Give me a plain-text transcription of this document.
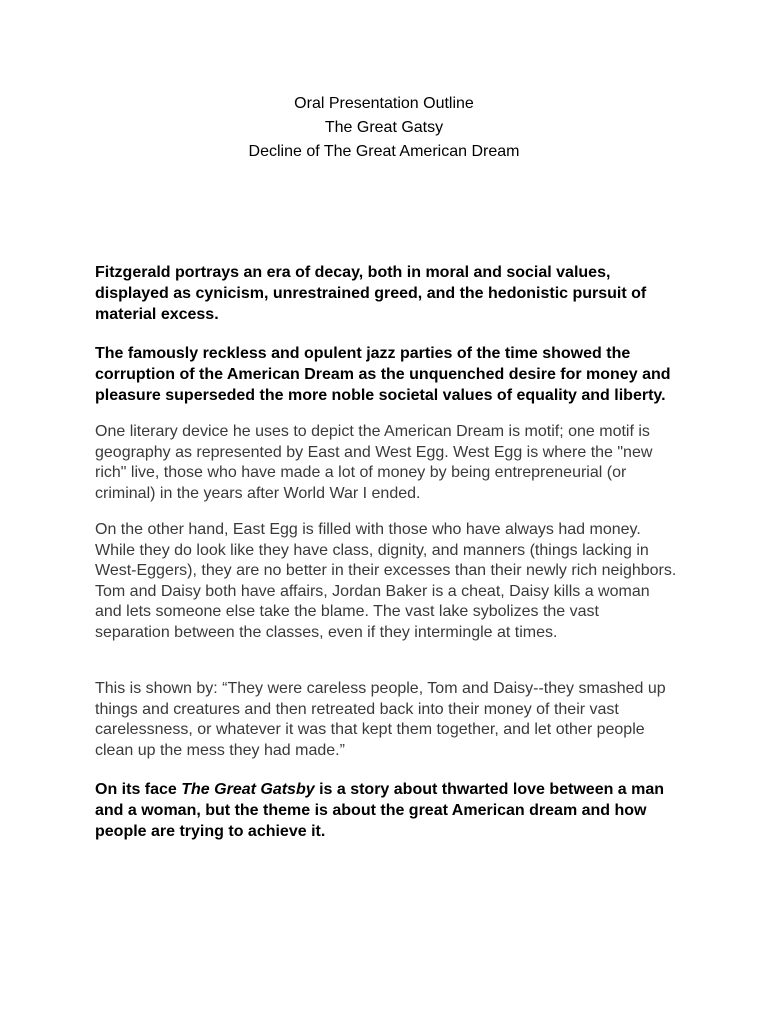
Oral Presentation Outline
The Great Gatsy
Decline of The Great American Dream

Fitzgerald portrays an era of decay, both in moral and social values, displayed as cynicism, unrestrained greed, and the hedonistic pursuit of material excess.

The famously reckless and opulent jazz parties of the time showed the corruption of the American Dream as the unquenched desire for money and pleasure superseded the more noble societal values of equality and liberty.

One literary device he uses to depict the American Dream is motif; one motif is geography as represented by East and West Egg. West Egg is where the "new rich" live, those who have made a lot of money by being entrepreneurial (or criminal) in the years after World War I ended.

On the other hand, East Egg is filled with those who have always had money. While they do look like they have class, dignity, and manners (things lacking in West-Eggers), they are no better in their excesses than their newly rich neighbors. Tom and Daisy both have affairs, Jordan Baker is a cheat, Daisy kills a woman and lets someone else take the blame. The vast lake sybolizes the vast separation between the classes, even if they intermingle at times.

This is shown by: “They were careless people, Tom and Daisy--they smashed up things and creatures and then retreated back into their money of their vast carelessness, or whatever it was that kept them together, and let other people clean up the mess they had made.”

On its face The Great Gatsby is a story about thwarted love between a man and a woman, but the theme is about the great American dream and how people are trying to achieve it.
